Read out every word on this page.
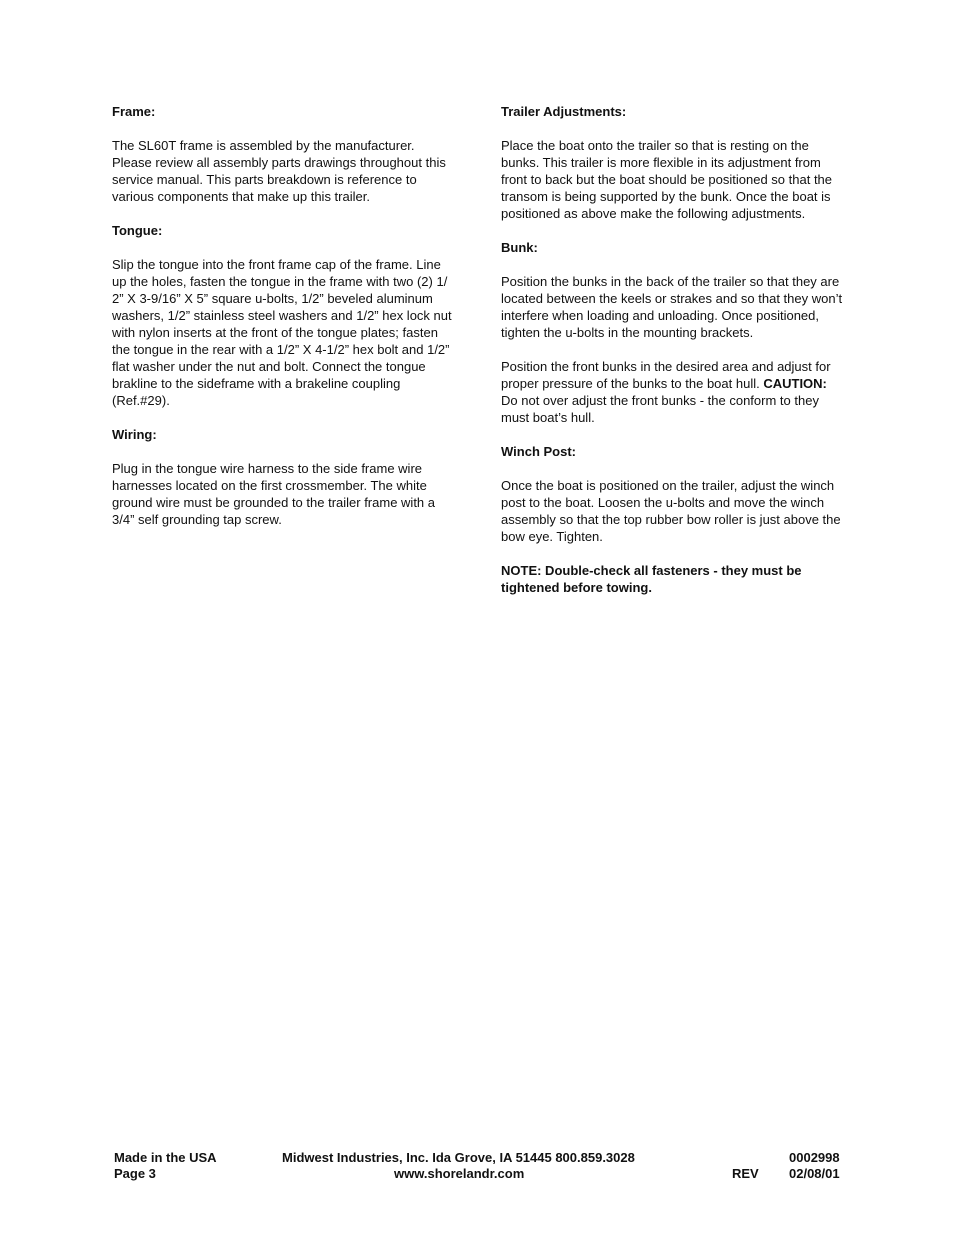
Frame:
The SL60T frame is assembled by the manufacturer.
Please review all assembly parts drawings throughout this
service manual. This parts breakdown is reference to
various components that make up this trailer.
Tongue:
Slip the tongue into the front frame cap of the frame. Line
up the holes, fasten the tongue in the frame with two (2) 1/
2” X 3-9/16” X 5” square u-bolts, 1/2” beveled aluminum
washers, 1/2” stainless steel washers and 1/2” hex lock nut
with nylon inserts at the front of the tongue plates; fasten
the tongue in the rear with a 1/2” X 4-1/2” hex bolt and 1/2”
flat washer under the nut and bolt. Connect the tongue
brakline to the sideframe with a brakeline coupling
(Ref.#29).
Wiring:
Plug in the tongue wire harness to the side frame wire
harnesses located on the first crossmember. The white
ground wire must be grounded to the trailer frame with a
3/4” self grounding tap screw.
Trailer Adjustments:
Place the boat onto the trailer so that is resting on the
bunks. This trailer is more flexible in its adjustment from
front to back but the boat should be positioned so that the
transom is being supported by the bunk. Once the boat is
positioned as above make the following adjustments.
Bunk:
Position the bunks in the back of the trailer so that they are
located between the keels or strakes and so that they won’t
interfere when loading and unloading. Once positioned,
tighten the u-bolts in the mounting brackets.
Position the front bunks in the desired area and adjust for
proper pressure of the bunks to the boat hull. CAUTION:
Do not over adjust the front bunks - the conform to they
must boat’s hull.
Winch Post:
Once the boat is positioned on the trailer, adjust the winch
post to the boat. Loosen the u-bolts and move the winch
assembly so that the top rubber bow roller is just above the
bow eye. Tighten.
NOTE: Double-check all fasteners - they must be
tightened before towing.
Made in the USA
Page 3
Midwest Industries, Inc. Ida Grove, IA 51445 800.859.3028
www.shorelandr.com
0002998
REV 02/08/01
